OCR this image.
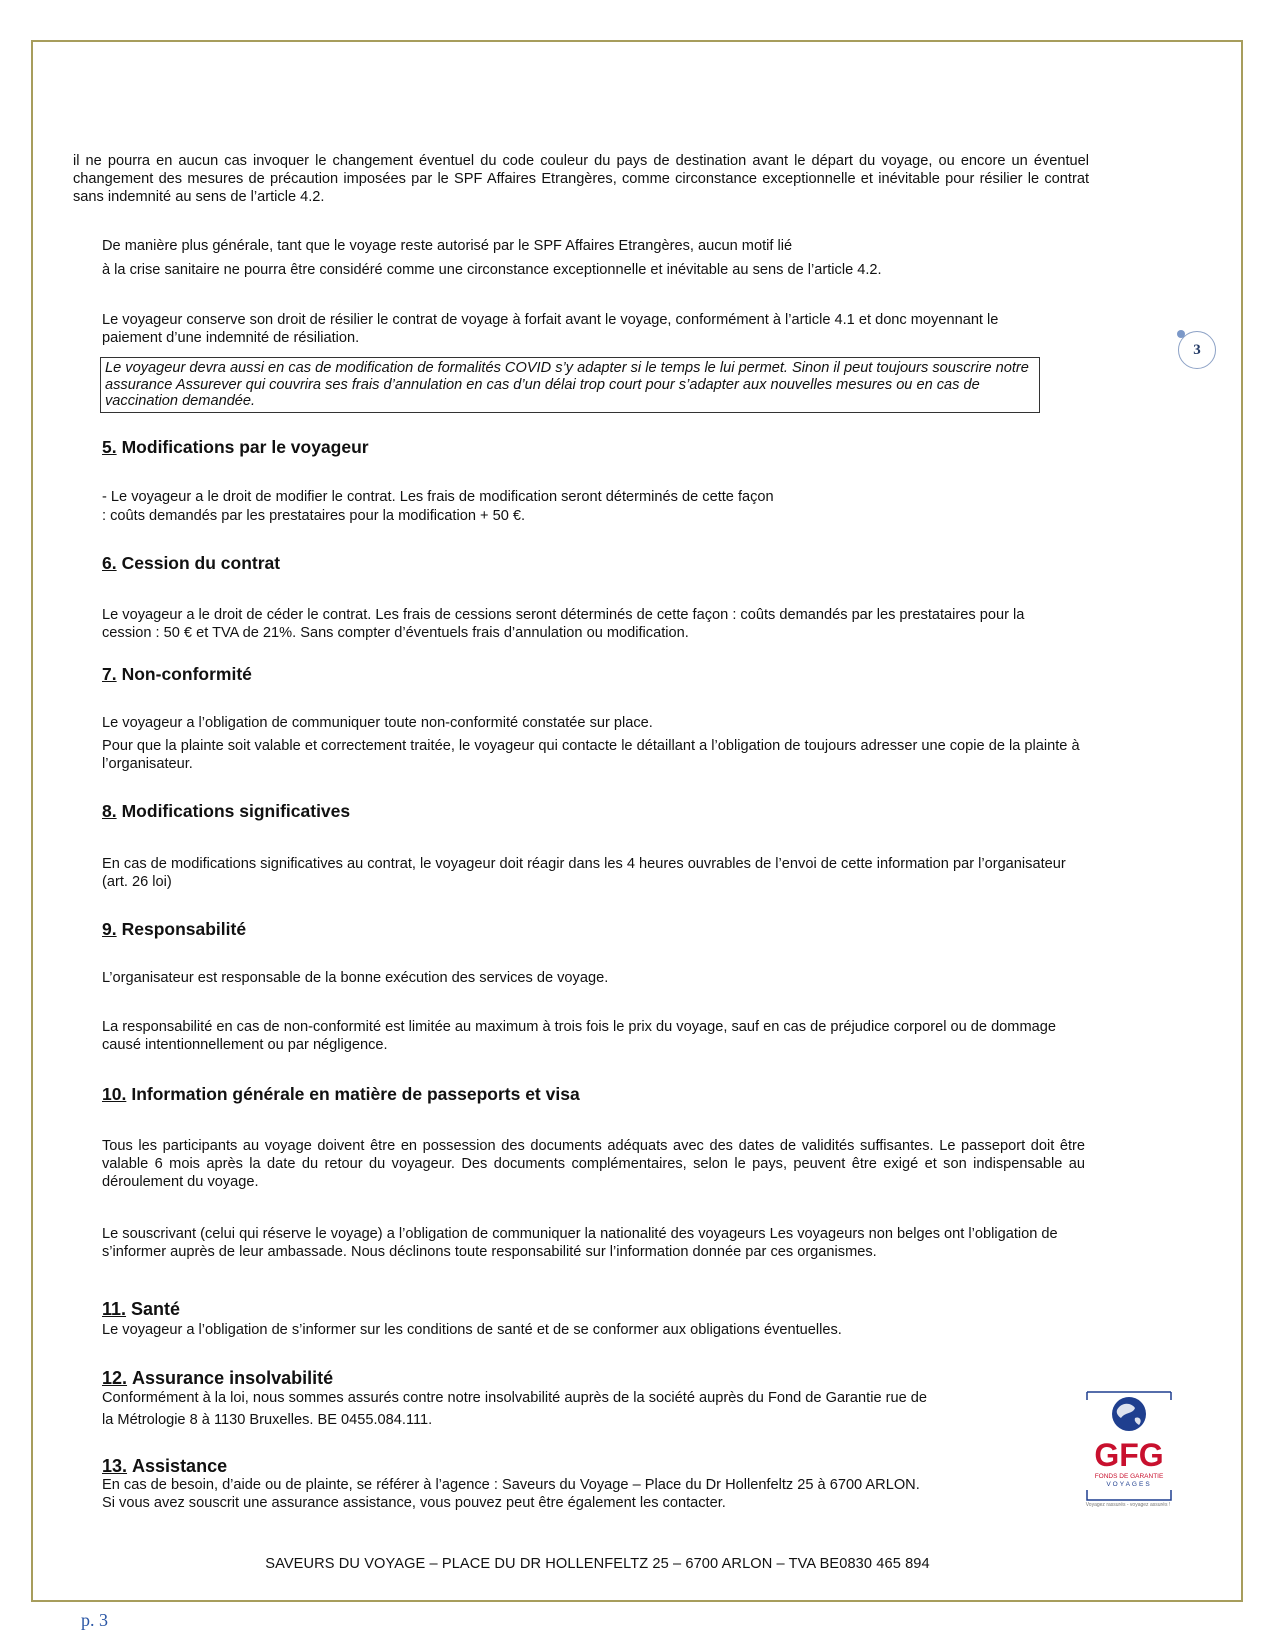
il ne pourra en aucun cas invoquer le changement éventuel du code couleur du pays de destination avant le départ du voyage, ou encore un éventuel changement des mesures de précaution imposées par le SPF Affaires Etrangères, comme circonstance exceptionnelle et inévitable pour résilier le contrat sans indemnité au sens de l’article 4.2.

De manière plus générale, tant que le voyage reste autorisé par le SPF Affaires Etrangères, aucun motif lié

à la crise sanitaire ne pourra être considéré comme une circonstance exceptionnelle et inévitable au sens de l’article 4.2.

Le voyageur conserve son droit de résilier le contrat de voyage à forfait avant le voyage, conformément à l’article 4.1 et donc moyennant le paiement d’une indemnité de résiliation.

Le voyageur devra aussi en cas de modification de formalités COVID s’y adapter si le temps le lui permet. Sinon il peut toujours souscrire notre assurance Assurever qui couvrira ses frais d’annulation en cas d’un délai trop court pour s’adapter aux nouvelles mesures ou en cas de vaccination demandée.
3
5. Modifications par le voyageur

- Le voyageur a le droit de modifier le contrat. Les frais de modification seront déterminés de cette façon

: coûts demandés par les prestataires pour la modification + 50 €.

6. Cession du contrat

Le voyageur a le droit de céder le contrat. Les frais de cessions seront déterminés de cette façon : coûts demandés par les prestataires pour la cession : 50 € et TVA de 21%. Sans compter d’éventuels frais d’annulation ou modification.

7. Non-conformité

Le voyageur a l’obligation de communiquer toute non-conformité constatée sur place.

Pour que la plainte soit valable et correctement traitée, le voyageur qui contacte le détaillant a l’obligation de toujours adresser une copie de la plainte à l’organisateur.

8. Modifications significatives

En cas de modifications significatives au contrat, le voyageur doit réagir dans les 4 heures ouvrables de l’envoi de cette information par l’organisateur (art. 26 loi)

9. Responsabilité

L’organisateur est responsable de la bonne exécution des services de voyage.

La responsabilité en cas de non-conformité est limitée au maximum à trois fois le prix du voyage, sauf en cas de préjudice corporel ou de dommage causé intentionnellement ou par négligence.

10. Information générale en matière de passeports et visa

Tous les participants au voyage doivent être en possession des documents adéquats avec des dates de validités suffisantes. Le passeport doit être valable 6 mois après la date du retour du voyageur. Des documents complémentaires, selon le pays, peuvent être exigé et son indispensable au déroulement du voyage.

Le souscrivant (celui qui réserve le voyage) a l’obligation de communiquer la nationalité des voyageurs Les voyageurs non belges ont l’obligation de s’informer auprès de leur ambassade. Nous déclinons toute responsabilité sur l’information donnée par ces organismes.

11. Santé

Le voyageur a l’obligation de s’informer sur les conditions de santé et de se conformer aux obligations éventuelles.

12. Assurance insolvabilité

Conformément à la loi, nous sommes assurés contre notre insolvabilité auprès de la société auprès du Fond de Garantie rue de

la Métrologie 8 à 1130 Bruxelles. BE 0455.084.111.

13. Assistance

En cas de besoin, d’aide ou de plainte, se référer à l’agence : Saveurs du Voyage – Place du Dr Hollenfeltz 25 à 6700 ARLON.

Si vous avez souscrit une assurance assistance, vous pouvez peut être également les contacter.

GFG
FONDS DE GARANTIE
VOYAGES
Voyagez rassurés - voyagez assurés !
SAVEURS DU VOYAGE – PLACE DU DR HOLLENFELTZ 25 – 6700 ARLON – TVA BE0830 465 894
p. 3
